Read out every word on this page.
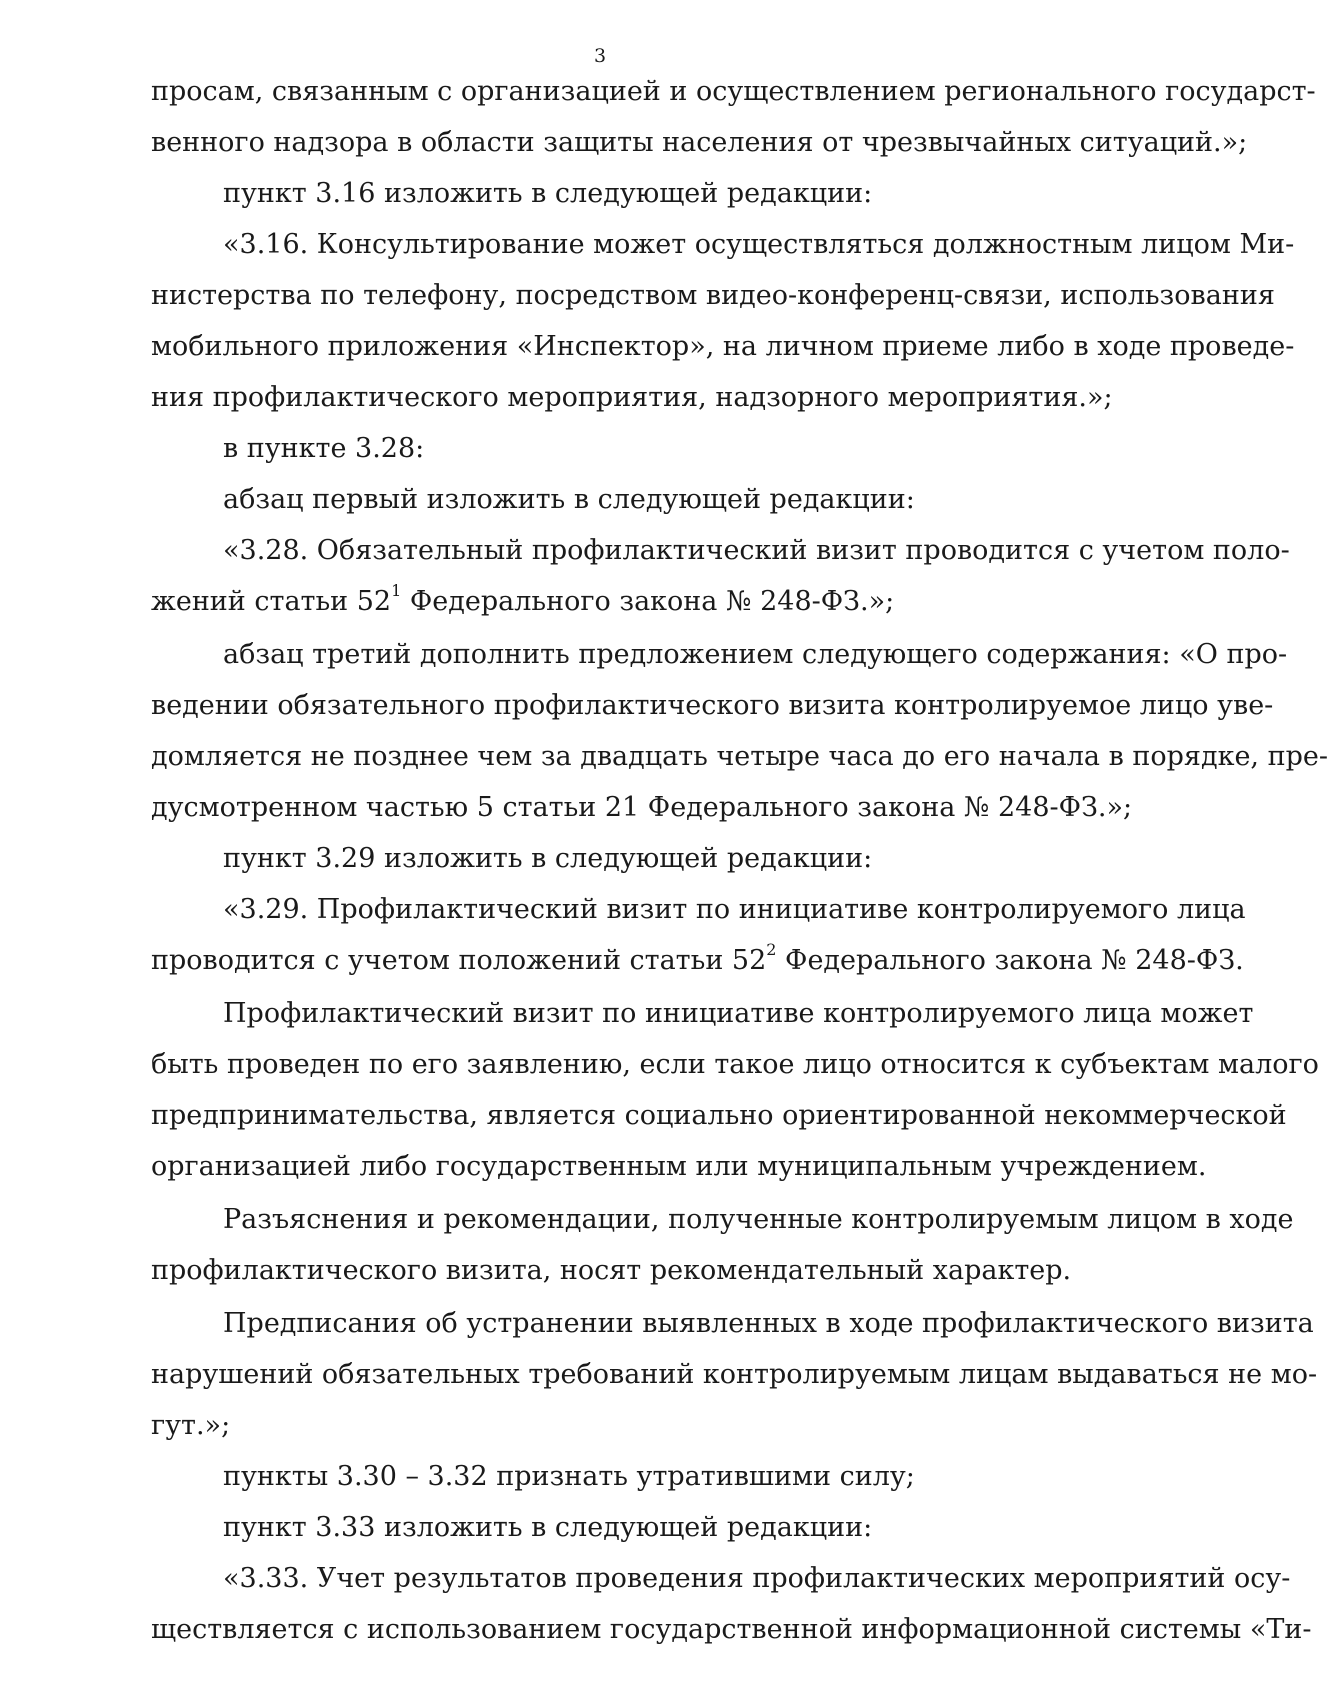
3

просам, связанным с организацией и осуществлением регионального государст-

венного надзора в области защиты населения от чрезвычайных ситуаций.»;

пункт 3.16 изложить в следующей редакции:

«3.16. Консультирование может осуществляться должностным лицом Ми-

нистерства по телефону, посредством видео-конференц-связи, использования

мобильного приложения «Инспектор», на личном приеме либо в ходе проведе-

ния профилактического мероприятия, надзорного мероприятия.»;

в пункте 3.28:

абзац первый изложить в следующей редакции:

«3.28. Обязательный профилактический визит проводится с учетом поло-

жений статьи $52^1$ Федерального закона № 248-ФЗ.»;

абзац третий дополнить предложением следующего содержания: «О про-

ведении обязательного профилактического визита контролируемое лицо уве-

домляется не позднее чем за двадцать четыре часа до его начала в порядке, пре-

дусмотренном частью 5 статьи 21 Федерального закона № 248-ФЗ.»;

пункт 3.29 изложить в следующей редакции:

«3.29. Профилактический визит по инициативе контролируемого лица

проводится с учетом положений статьи $52^2$ Федерального закона № 248-ФЗ.

Профилактический визит по инициативе контролируемого лица может

быть проведен по его заявлению, если такое лицо относится к субъектам малого

предпринимательства, является социально ориентированной некоммерческой

организацией либо государственным или муниципальным учреждением.

Разъяснения и рекомендации, полученные контролируемым лицом в ходе

профилактического визита, носят рекомендательный характер.

Предписания об устранении выявленных в ходе профилактического визита

нарушений обязательных требований контролируемым лицам выдаваться не мо-

гут.»;

пункты 3.30 – 3.32 признать утратившими силу;

пункт 3.33 изложить в следующей редакции:

«3.33. Учет результатов проведения профилактических мероприятий осу-

ществляется с использованием государственной информационной системы «Ти-
